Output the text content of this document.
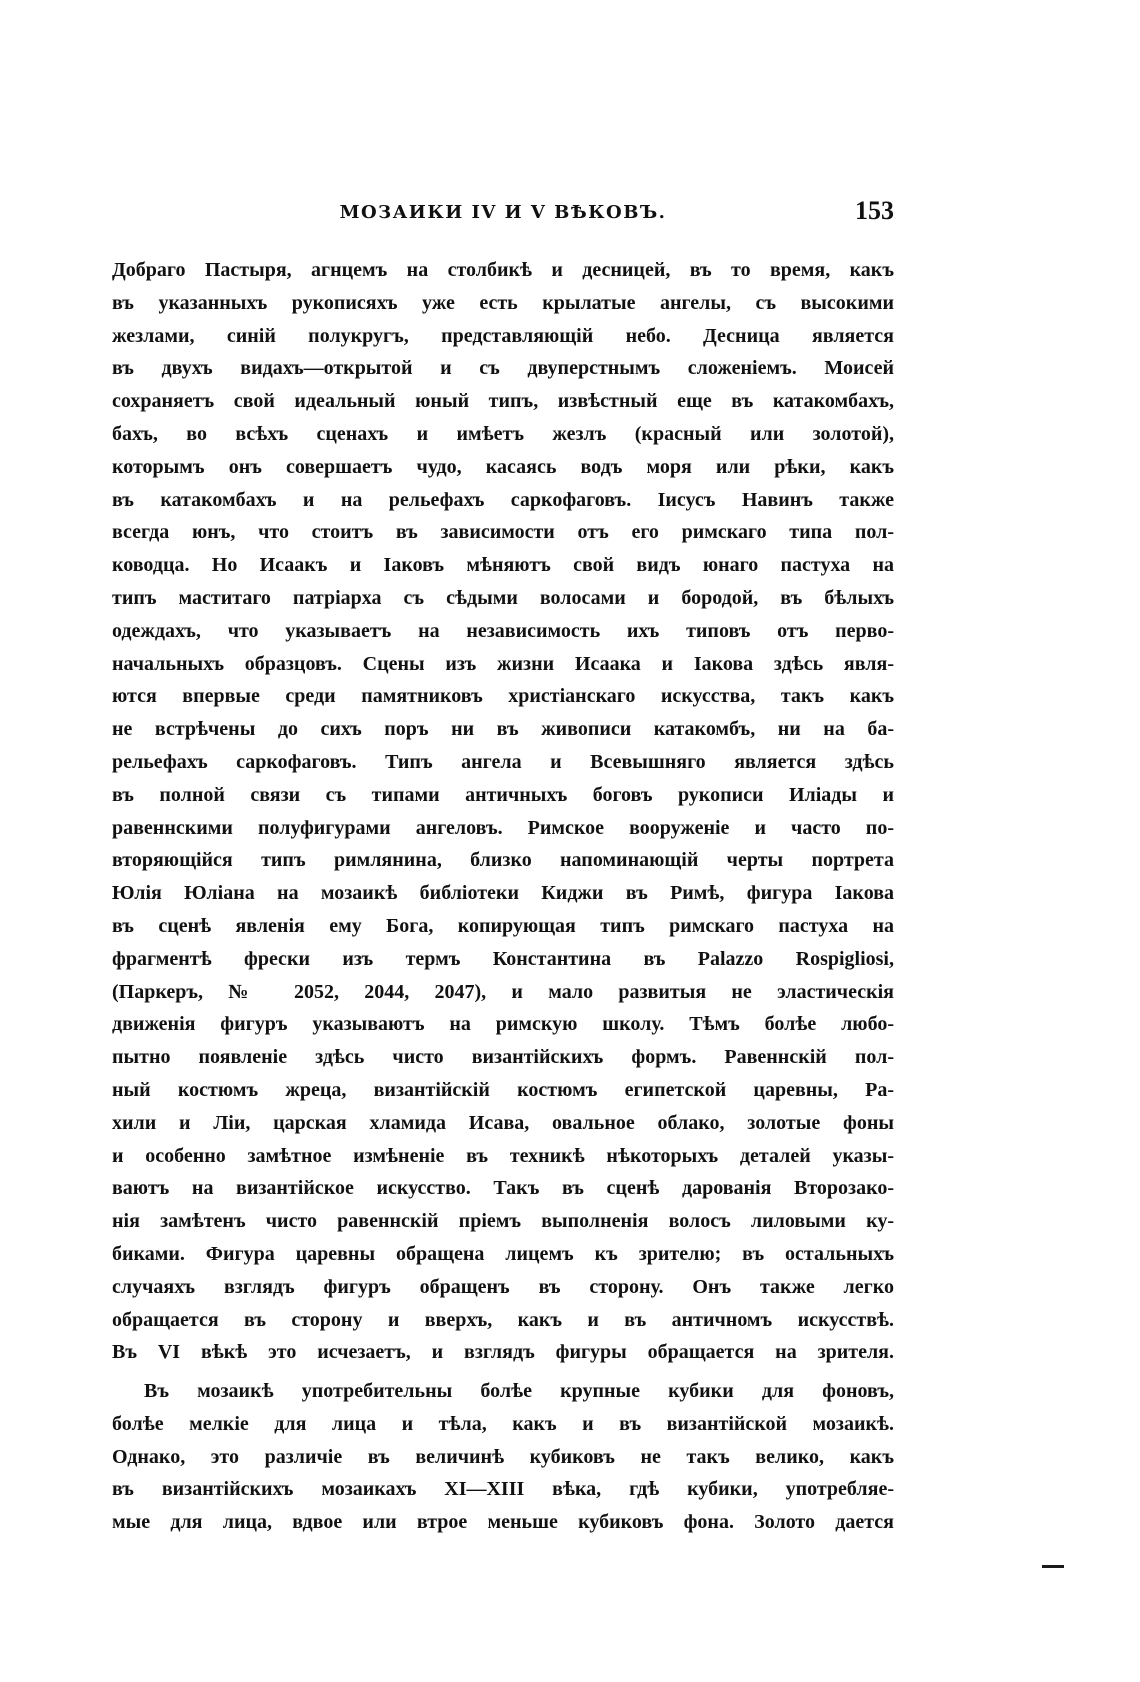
МОЗАИКИ IV И V ВѢКОВЪ.	153
Добраго Пастыря, агнцемъ на столбикѣ и десницей, въ то время, какъ
въ указанныхъ рукописяхъ уже есть крылатые ангелы, съ высокими
жезлами, синій полукругъ, представляющій небо. Десница является
въ двухъ видахъ—открытой и съ двуперстнымъ сложеніемъ. Моисей
сохраняетъ свой идеальный юный типъ, извѣстный еще въ катакомбахъ,
бахъ, во всѣхъ сценахъ и имѣетъ жезлъ (красный или золотой),
которымъ онъ совершаетъ чудо, касаясь водъ моря или рѣки, какъ
въ катакомбахъ и на рельефахъ саркофаговъ. Іисусъ Навинъ также
всегда юнъ, что стоитъ въ зависимости отъ его римскаго типа пол-
ководца. Но Исаакъ и Іаковъ мѣняютъ свой видъ юнаго пастуха на
типъ маститаго патріарха съ сѣдыми волосами и бородой, въ бѣлыхъ
одеждахъ, что указываетъ на независимость ихъ типовъ отъ перво-
начальныхъ образцовъ. Сцены изъ жизни Исаака и Іакова здѣсь явля-
ются впервые среди памятниковъ христіанскаго искусства, такъ какъ
не встрѣчены до сихъ поръ ни въ живописи катакомбъ, ни на ба-
рельефахъ саркофаговъ. Типъ ангела и Всевышняго является здѣсь
въ полной связи съ типами античныхъ боговъ рукописи Иліады и
равеннскими полуфигурами ангеловъ. Римское вооруженіе и часто по-
вторяющійся типъ римлянина, близко напоминающій черты портрета
Юлія Юліана на мозаикѣ библіотеки Киджи въ Римѣ, фигура Іакова
въ сценѣ явленія ему Бога, копирующая типъ римскаго пастуха на
фрагментѣ фрески изъ термъ Константина въ Palazzo Rospigliosi,
(Паркеръ, № 2052, 2044, 2047), и мало развитыя не эластическія
движенія фигуръ указываютъ на римскую школу. Тѣмъ болѣе любо-
пытно появленіе здѣсь чисто византійскихъ формъ. Равеннскій пол-
ный костюмъ жреца, византійскій костюмъ египетской царевны, Ра-
хили и Ліи, царская хламида Исава, овальное облако, золотые фоны
и особенно замѣтное измѣненіе въ техникѣ нѣкоторыхъ деталей указы-
ваютъ на византійское искусство. Такъ въ сценѣ дарованія Второзако-
нія замѣтенъ чисто равеннскій пріемъ выполненія волосъ лиловыми ку-
биками. Фигура царевны обращена лицемъ къ зрителю; въ остальныхъ
случаяхъ взглядъ фигуръ обращенъ въ сторону. Онъ также легко
обращается въ сторону и вверхъ, какъ и въ античномъ искусствѣ.
Въ VI вѣкѣ это исчезаетъ, и взглядъ фигуры обращается на зрителя.
Въ мозаикѣ употребительны болѣе крупные кубики для фоновъ,
болѣе мелкіе для лица и тѣла, какъ и въ византійской мозаикѣ.
Однако, это различіе въ величинѣ кубиковъ не такъ велико, какъ
въ византійскихъ мозаикахъ XI—XIII вѣка, гдѣ кубики, употребляе-
мые для лица, вдвое или втрое меньше кубиковъ фона. Золото дается
